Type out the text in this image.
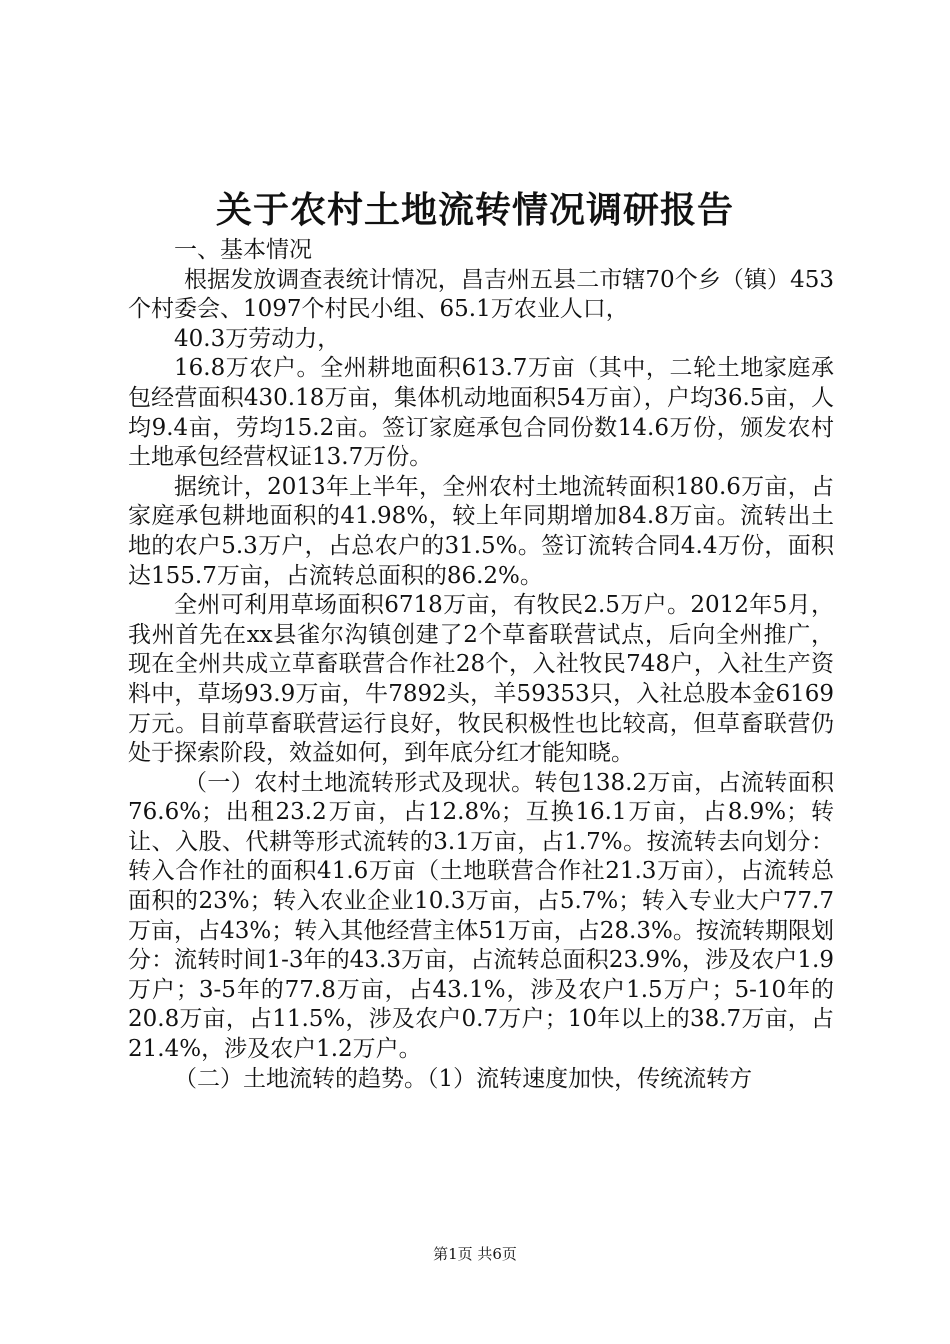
关于农村土地流转情况调研报告

一、基本情况

根据发放调查表统计情况，昌吉州五县二市辖70个乡（镇）453个村委会、1097个村民小组、65.1万农业人口，

40.3万劳动力，

16.8万农户。全州耕地面积613.7万亩（其中，二轮土地家庭承包经营面积430.18万亩，集体机动地面积54万亩），户均36.5亩，人均9.4亩，劳均15.2亩。签订家庭承包合同份数14.6万份，颁发农村土地承包经营权证13.7万份。

据统计，2013年上半年，全州农村土地流转面积180.6万亩，占家庭承包耕地面积的41.98%，较上年同期增加84.8万亩。流转出土地的农户5.3万户，占总农户的31.5%。签订流转合同4.4万份，面积达155.7万亩，占流转总面积的86.2%。

全州可利用草场面积6718万亩，有牧民2.5万户。2012年5月，我州首先在xx县雀尔沟镇创建了2个草畜联营试点，后向全州推广，现在全州共成立草畜联营合作社28个，入社牧民748户，入社生产资料中，草场93.9万亩，牛7892头，羊59353只，入社总股本金6169万元。目前草畜联营运行良好，牧民积极性也比较高，但草畜联营仍处于探索阶段，效益如何，到年底分红才能知晓。

（一）农村土地流转形式及现状。转包138.2万亩，占流转面积76.6%；出租23.2万亩，占12.8%；互换16.1万亩，占8.9%；转让、入股、代耕等形式流转的3.1万亩，占1.7%。按流转去向划分：转入合作社的面积41.6万亩（土地联营合作社21.3万亩），占流转总面积的23%；转入农业企业10.3万亩，占5.7%；转入专业大户77.7万亩，占43%；转入其他经营主体51万亩，占28.3%。按流转期限划分：流转时间1-3年的43.3万亩，占流转总面积23.9%，涉及农户1.9万户；3-5年的77.8万亩，占43.1%，涉及农户1.5万户；5-10年的20.8万亩，占11.5%，涉及农户0.7万户；10年以上的38.7万亩，占21.4%，涉及农户1.2万户。

（二）土地流转的趋势。（1）流转速度加快，传统流转方

第1页 共6页
